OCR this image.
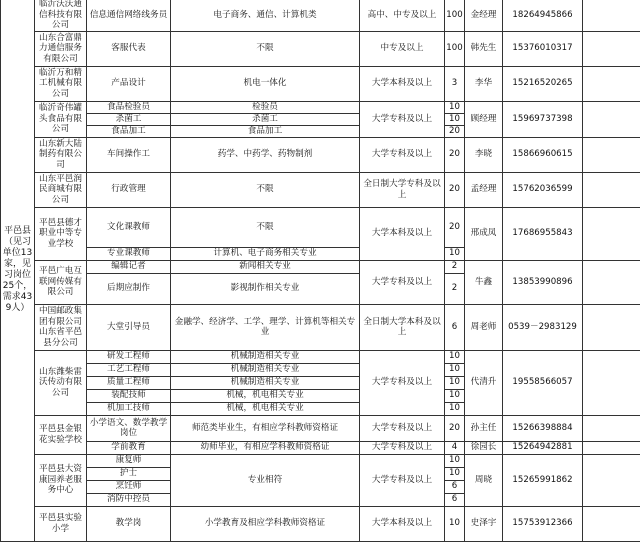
平邑县（见习单位13家，见习岗位25个，需求439人）	临沂沃沃通信科技有限公司	信息通信网络线务员	电子商务、通信、计算机类	高中、中专及以上	100	金经理	18264945866	
	山东合富鼎力通信服务有限公司	客服代表	不限	中专及以上	100	韩先生	15376010317	
	临沂万和精工机械有限公司	产品设计	机电一体化	大学本科及以上	3	李华	15216520265	
	临沂奇伟罐头食品有限公司	食品检验员	检验员	大学专科及以上	10	顾经理	15969737398	
		杀菌工	杀菌工		10			
		食品加工	食品加工		20			
	山东新大陆制药有限公司	车间操作工	药学、中药学、药物制剂	大学专科及以上	20	李晓	15866960615	
	山东平邑润民商城有限公司	行政管理	不限	全日制大学专科及以上	20	孟经理	15762036599	
	平邑县德才职业中等专业学校	文化课教师	不限	大学本科及以上	20	邢成凤	17686955843	
		专业课教师	计算机、电子商务相关专业		10			
	平邑广电互联网传媒有限公司	编辑记者	新闻相关专业	大学专科及以上	2	牛鑫	13853990896	
		后期应制作	影视制作相关专业		2			
	中国邮政集团有限公司山东省平邑县分公司	大堂引导员	金融学、经济学、工学、理学、计算机等相关专业	全日制大学本科及以上	6	周老师	0539－2983129	
	山东潍柴雷沃传动有限公司	研发工程师	机械制造相关专业	大学专科及以上	10	代清升	19558566057	
		工艺工程师	机械制造相关专业		10			
		质量工程师	机械制造相关专业		10			
		装配技师	机械，机电相关专业		10			
		机加工技师	机械，机电相关专业		10			
	平邑县金银花实验学校	小学语文、数学教学岗位	师范类毕业生，有相应学科教师资格证	大学专科及以上	20	孙主任	15266398884	
		学前教育	幼师毕业，有相应学科教师资格证	大学专科及以上	4	徐园长	15264942881	
	平邑县大资康园养老服务中心	康复师	专业相符	大学专科及以上	10	周晓	15265991862	
		护士			10			
		烹饪师			6			
		消防中控员			6			
	平邑县实验小学	教学岗	小学教育及相应学科教师资格证	大学本科及以上	10	史泽宇	15753912366	
